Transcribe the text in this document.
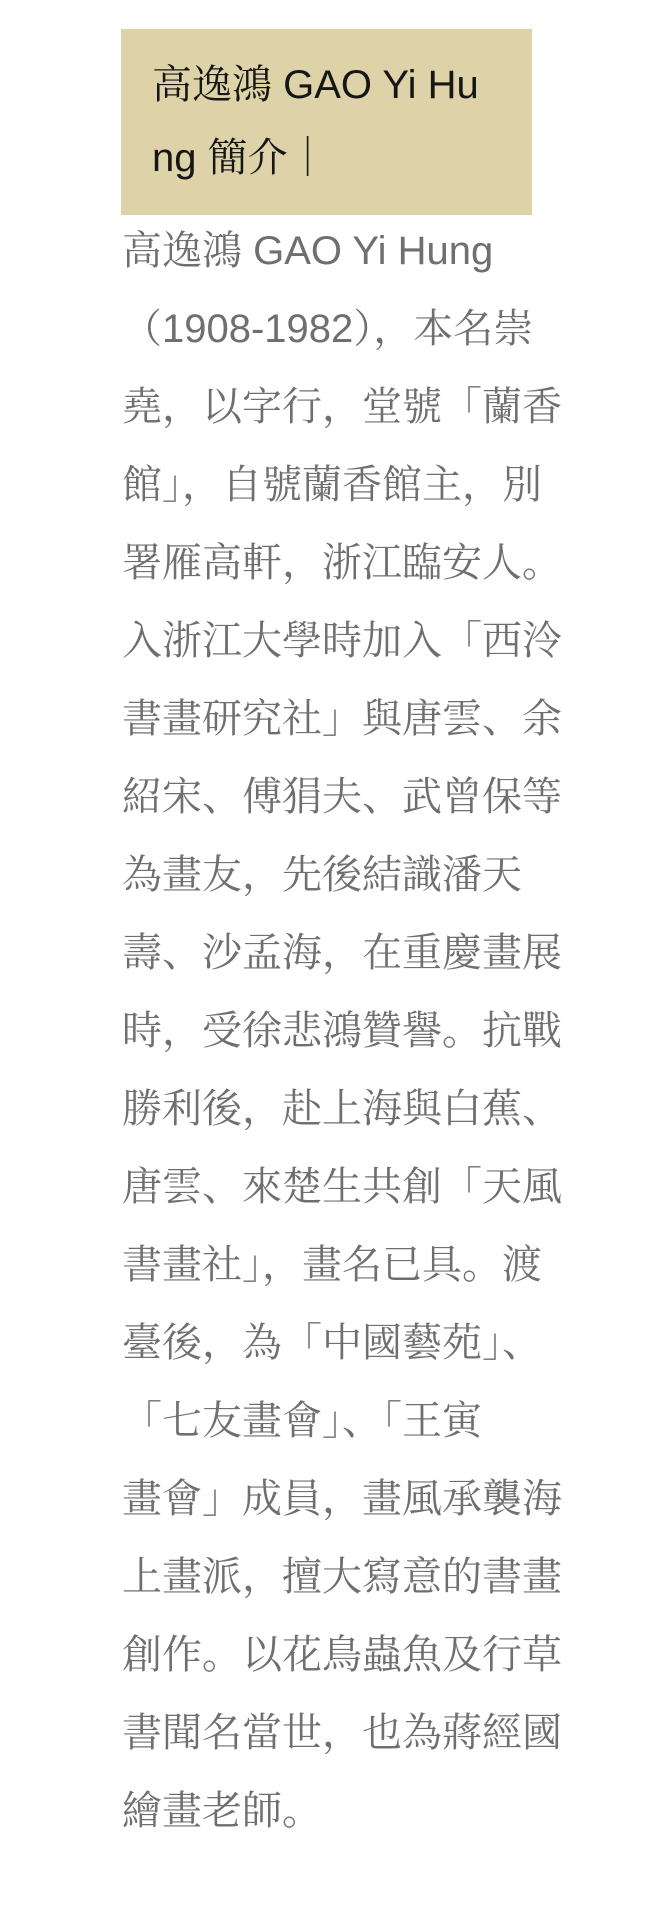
高逸鴻 GAO Yi Hu
ng 簡介｜
高逸鴻 GAO Yi Hung
（1908-1982），本名崇
堯，以字行，堂號「蘭香
館」，自號蘭香館主，別
署雁高軒，浙江臨安人。
入浙江大學時加入「西泠
書畫研究社」與唐雲、余
紹宋、傅狷夫、武曾保等
為畫友，先後結識潘天
壽、沙孟海，在重慶畫展
時，受徐悲鴻贊譽。抗戰
勝利後，赴上海與白蕉、
唐雲、來楚生共創「天風
書畫社」，畫名已具。渡
臺後，為「中國藝苑」、
「七友畫會」、「王寅
畫會」成員，畫風承襲海
上畫派，擅大寫意的書畫
創作。以花鳥蟲魚及行草
書聞名當世，也為蔣經國
繪畫老師。
